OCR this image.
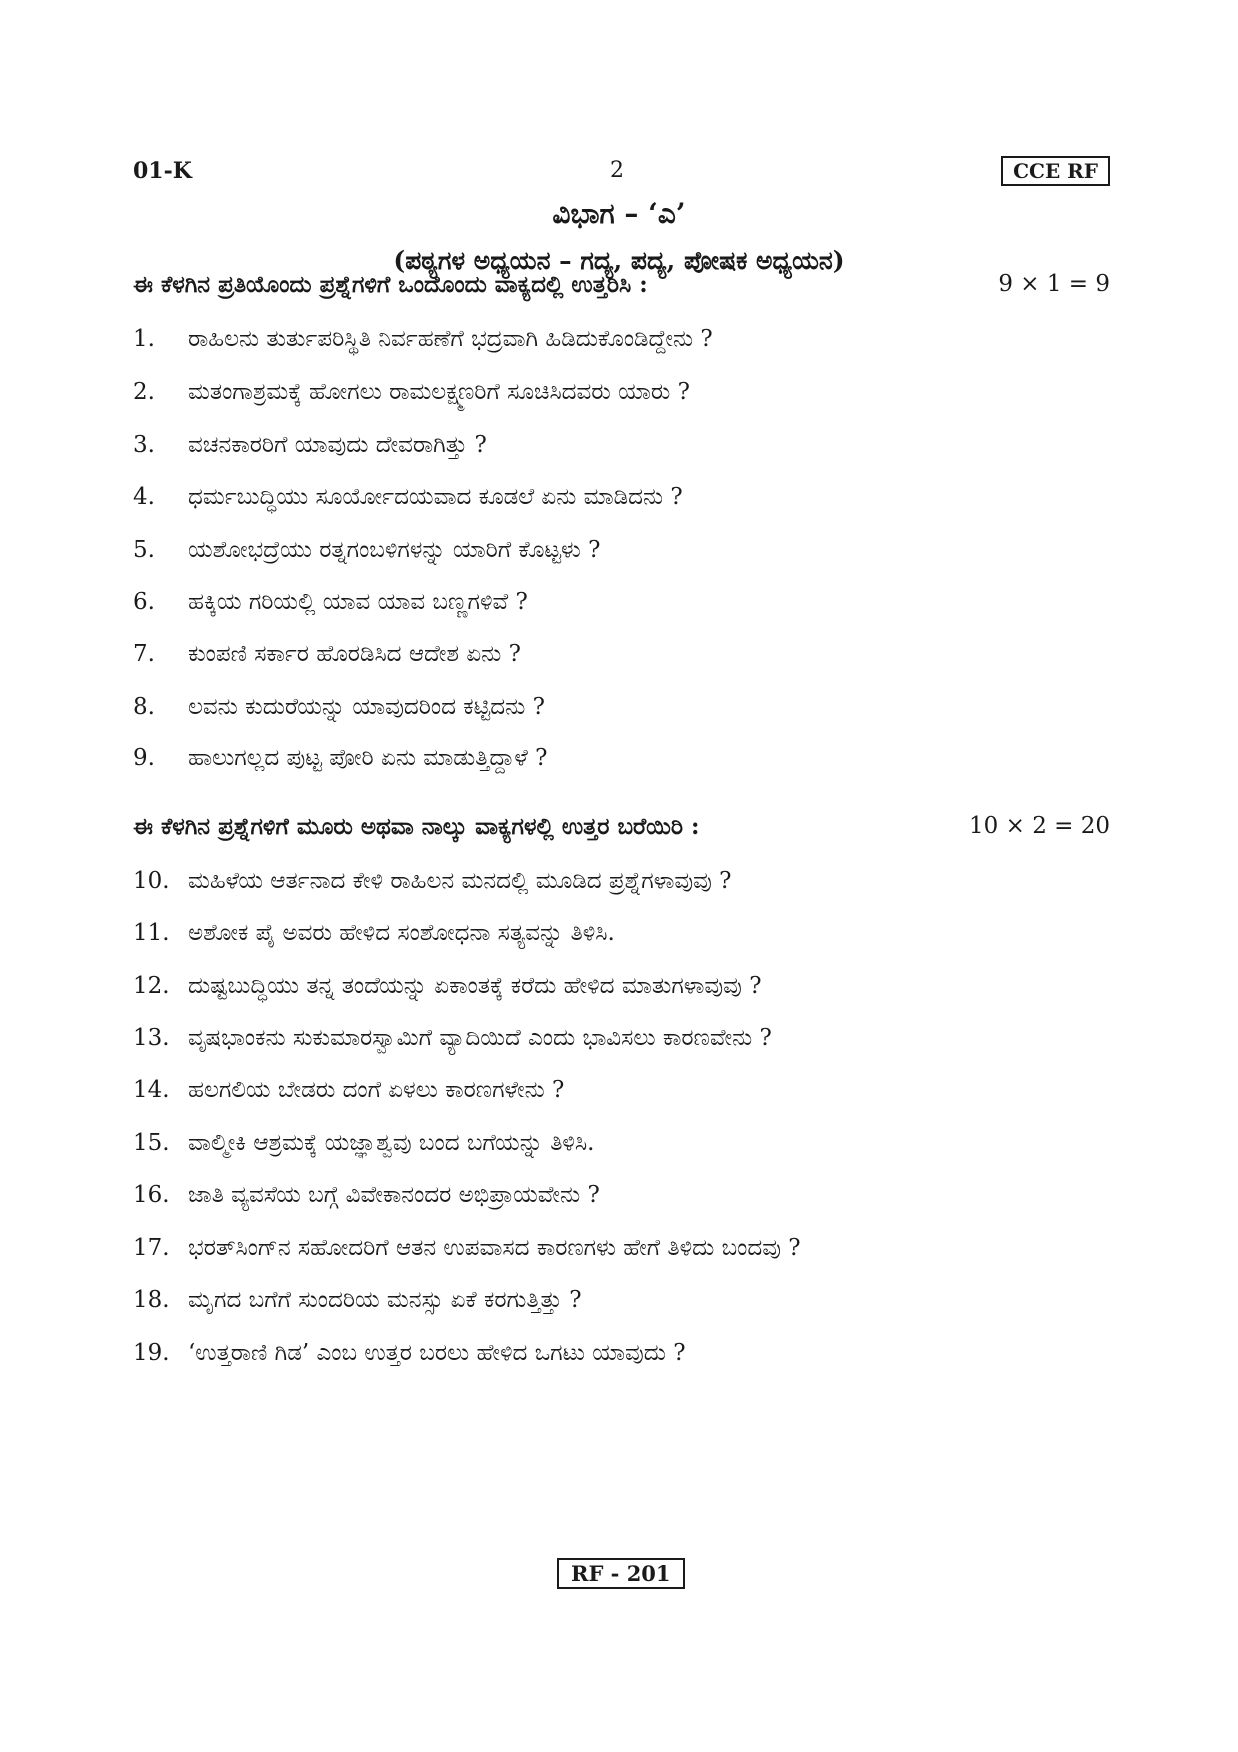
01-K	2	CCE RF
ವಿಭಾಗ – ‘ಎ’
(ಪಠ್ಯಗಳ ಅಧ್ಯಯನ – ಗದ್ಯ, ಪದ್ಯ, ಪೋಷಕ ಅಧ್ಯಯನ)
ಈ ಕೆಳಗಿನ ಪ್ರತಿಯೊಂದು ಪ್ರಶ್ನೆಗಳಿಗೆ ಒಂದೊಂದು ವಾಕ್ಯದಲ್ಲಿ ಉತ್ತರಿಸಿ :	9 × 1 = 9
1.	ರಾಹಿಲನು ತುರ್ತುಪರಿಸ್ಥಿತಿ ನಿರ್ವಹಣೆಗೆ ಭದ್ರವಾಗಿ ಹಿಡಿದುಕೊಂಡಿದ್ದೇನು ?
2.	ಮತಂಗಾಶ್ರಮಕ್ಕೆ ಹೋಗಲು ರಾಮಲಕ್ಷ್ಮಣರಿಗೆ ಸೂಚಿಸಿದವರು ಯಾರು ?
3.	ವಚನಕಾರರಿಗೆ ಯಾವುದು ದೇವರಾಗಿತ್ತು ?
4.	ಧರ್ಮಬುದ್ಧಿಯು ಸೂರ್ಯೋದಯವಾದ ಕೂಡಲೆ ಏನು ಮಾಡಿದನು ?
5.	ಯಶೋಭದ್ರೆಯು ರತ್ನಗಂಬಳಿಗಳನ್ನು ಯಾರಿಗೆ ಕೊಟ್ಟಳು ?
6.	ಹಕ್ಕಿಯ ಗರಿಯಲ್ಲಿ ಯಾವ ಯಾವ ಬಣ್ಣಗಳಿವೆ ?
7.	ಕುಂಪಣಿ ಸರ್ಕಾರ ಹೊರಡಿಸಿದ ಆದೇಶ ಏನು ?
8.	ಲವನು ಕುದುರೆಯನ್ನು ಯಾವುದರಿಂದ ಕಟ್ಟಿದನು ?
9.	ಹಾಲುಗಲ್ಲದ ಪುಟ್ಟ ಪೋರಿ ಏನು ಮಾಡುತ್ತಿದ್ದಾಳೆ ?
ಈ ಕೆಳಗಿನ ಪ್ರಶ್ನೆಗಳಿಗೆ ಮೂರು ಅಥವಾ ನಾಲ್ಕು ವಾಕ್ಯಗಳಲ್ಲಿ ಉತ್ತರ ಬರೆಯಿರಿ :	10 × 2 = 20
10. ಮಹಿಳೆಯ ಆರ್ತನಾದ ಕೇಳಿ ರಾಹಿಲನ ಮನದಲ್ಲಿ ಮೂಡಿದ ಪ್ರಶ್ನೆಗಳಾವುವು ?
11. ಅಶೋಕ ಪೈ ಅವರು ಹೇಳಿದ ಸಂಶೋಧನಾ ಸತ್ಯವನ್ನು ತಿಳಿಸಿ.
12. ದುಷ್ಟಬುದ್ಧಿಯು ತನ್ನ ತಂದೆಯನ್ನು ಏಕಾಂತಕ್ಕೆ ಕರೆದು ಹೇಳಿದ ಮಾತುಗಳಾವುವು ?
13. ವೃಷಭಾಂಕನು ಸುಕುಮಾರಸ್ವಾಮಿಗೆ ವ್ಯಾದಿಯಿದೆ ಎಂದು ಭಾವಿಸಲು ಕಾರಣವೇನು ?
14. ಹಲಗಲಿಯ ಬೇಡರು ದಂಗೆ ಏಳಲು ಕಾರಣಗಳೇನು ?
15. ವಾಲ್ಮೀಕಿ ಆಶ್ರಮಕ್ಕೆ ಯಜ್ಞಾಶ್ವವು ಬಂದ ಬಗೆಯನ್ನು ತಿಳಿಸಿ.
16. ಜಾತಿ ವ್ಯವಸೆಯ ಬಗ್ಗೆ ವಿವೇಕಾನಂದರ ಅಭಿಪ್ರಾಯವೇನು ?
17. ಭರತ್‌ಸಿಂಗ್‌ನ ಸಹೋದರಿಗೆ ಆತನ ಉಪವಾಸದ ಕಾರಣಗಳು ಹೇಗೆ ತಿಳಿದು ಬಂದವು ?
18. ಮೃಗದ ಬಗೆಗೆ ಸುಂದರಿಯ ಮನಸ್ಸು ಏಕೆ ಕರಗುತ್ತಿತ್ತು ?
19. ‘ಉತ್ತರಾಣಿ ಗಿಡ’ ಎಂಬ ಉತ್ತರ ಬರಲು ಹೇಳಿದ ಒಗಟು ಯಾವುದು ?
RF - 201
